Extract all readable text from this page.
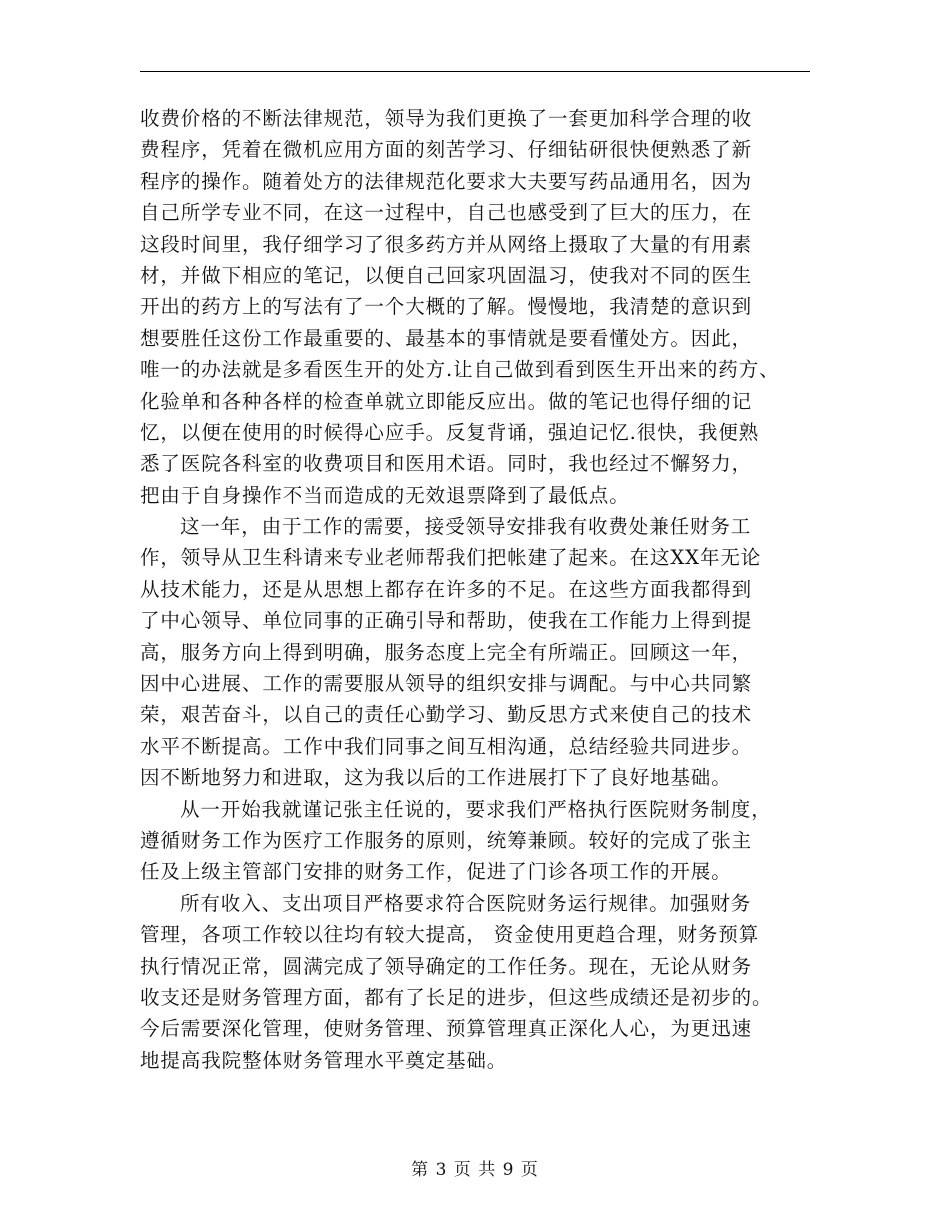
收费价格的不断法律规范，领导为我们更换了一套更加科学合理的收
费程序，凭着在微机应用方面的刻苦学习、仔细钻研很快便熟悉了新
程序的操作。随着处方的法律规范化要求大夫要写药品通用名，因为
自己所学专业不同，在这一过程中，自己也感受到了巨大的压力，在
这段时间里，我仔细学习了很多药方并从网络上摄取了大量的有用素
材，并做下相应的笔记，以便自己回家巩固温习，使我对不同的医生
开出的药方上的写法有了一个大概的了解。慢慢地，我清楚的意识到
想要胜任这份工作最重要的、最基本的事情就是要看懂处方。因此，
唯一的办法就是多看医生开的处方.让自己做到看到医生开出来的药方、
化验单和各种各样的检查单就立即能反应出。做的笔记也得仔细的记
忆，以便在使用的时候得心应手。反复背诵，强迫记忆.很快，我便熟
悉了医院各科室的收费项目和医用术语。同时，我也经过不懈努力，
把由于自身操作不当而造成的无效退票降到了最低点。
这一年，由于工作的需要，接受领导安排我有收费处兼任财务工
作，领导从卫生科请来专业老师帮我们把帐建了起来。在这XX年无论
从技术能力，还是从思想上都存在许多的不足。在这些方面我都得到
了中心领导、单位同事的正确引导和帮助，使我在工作能力上得到提
高，服务方向上得到明确，服务态度上完全有所端正。回顾这一年，
因中心进展、工作的需要服从领导的组织安排与调配。与中心共同繁
荣，艰苦奋斗，以自己的责任心勤学习、勤反思方式来使自己的技术
水平不断提高。工作中我们同事之间互相沟通，总结经验共同进步。
因不断地努力和进取，这为我以后的工作进展打下了良好地基础。
从一开始我就谨记张主任说的，要求我们严格执行医院财务制度，
遵循财务工作为医疗工作服务的原则，统筹兼顾。较好的完成了张主
任及上级主管部门安排的财务工作，促进了门诊各项工作的开展。
所有收入、支出项目严格要求符合医院财务运行规律。加强财务
管理，各项工作较以往均有较大提高， 资金使用更趋合理，财务预算
执行情况正常，圆满完成了领导确定的工作任务。现在，无论从财务
收支还是财务管理方面，都有了长足的进步，但这些成绩还是初步的。
今后需要深化管理，使财务管理、预算管理真正深化人心，为更迅速
地提高我院整体财务管理水平奠定基础。
第 3 页 共 9 页
